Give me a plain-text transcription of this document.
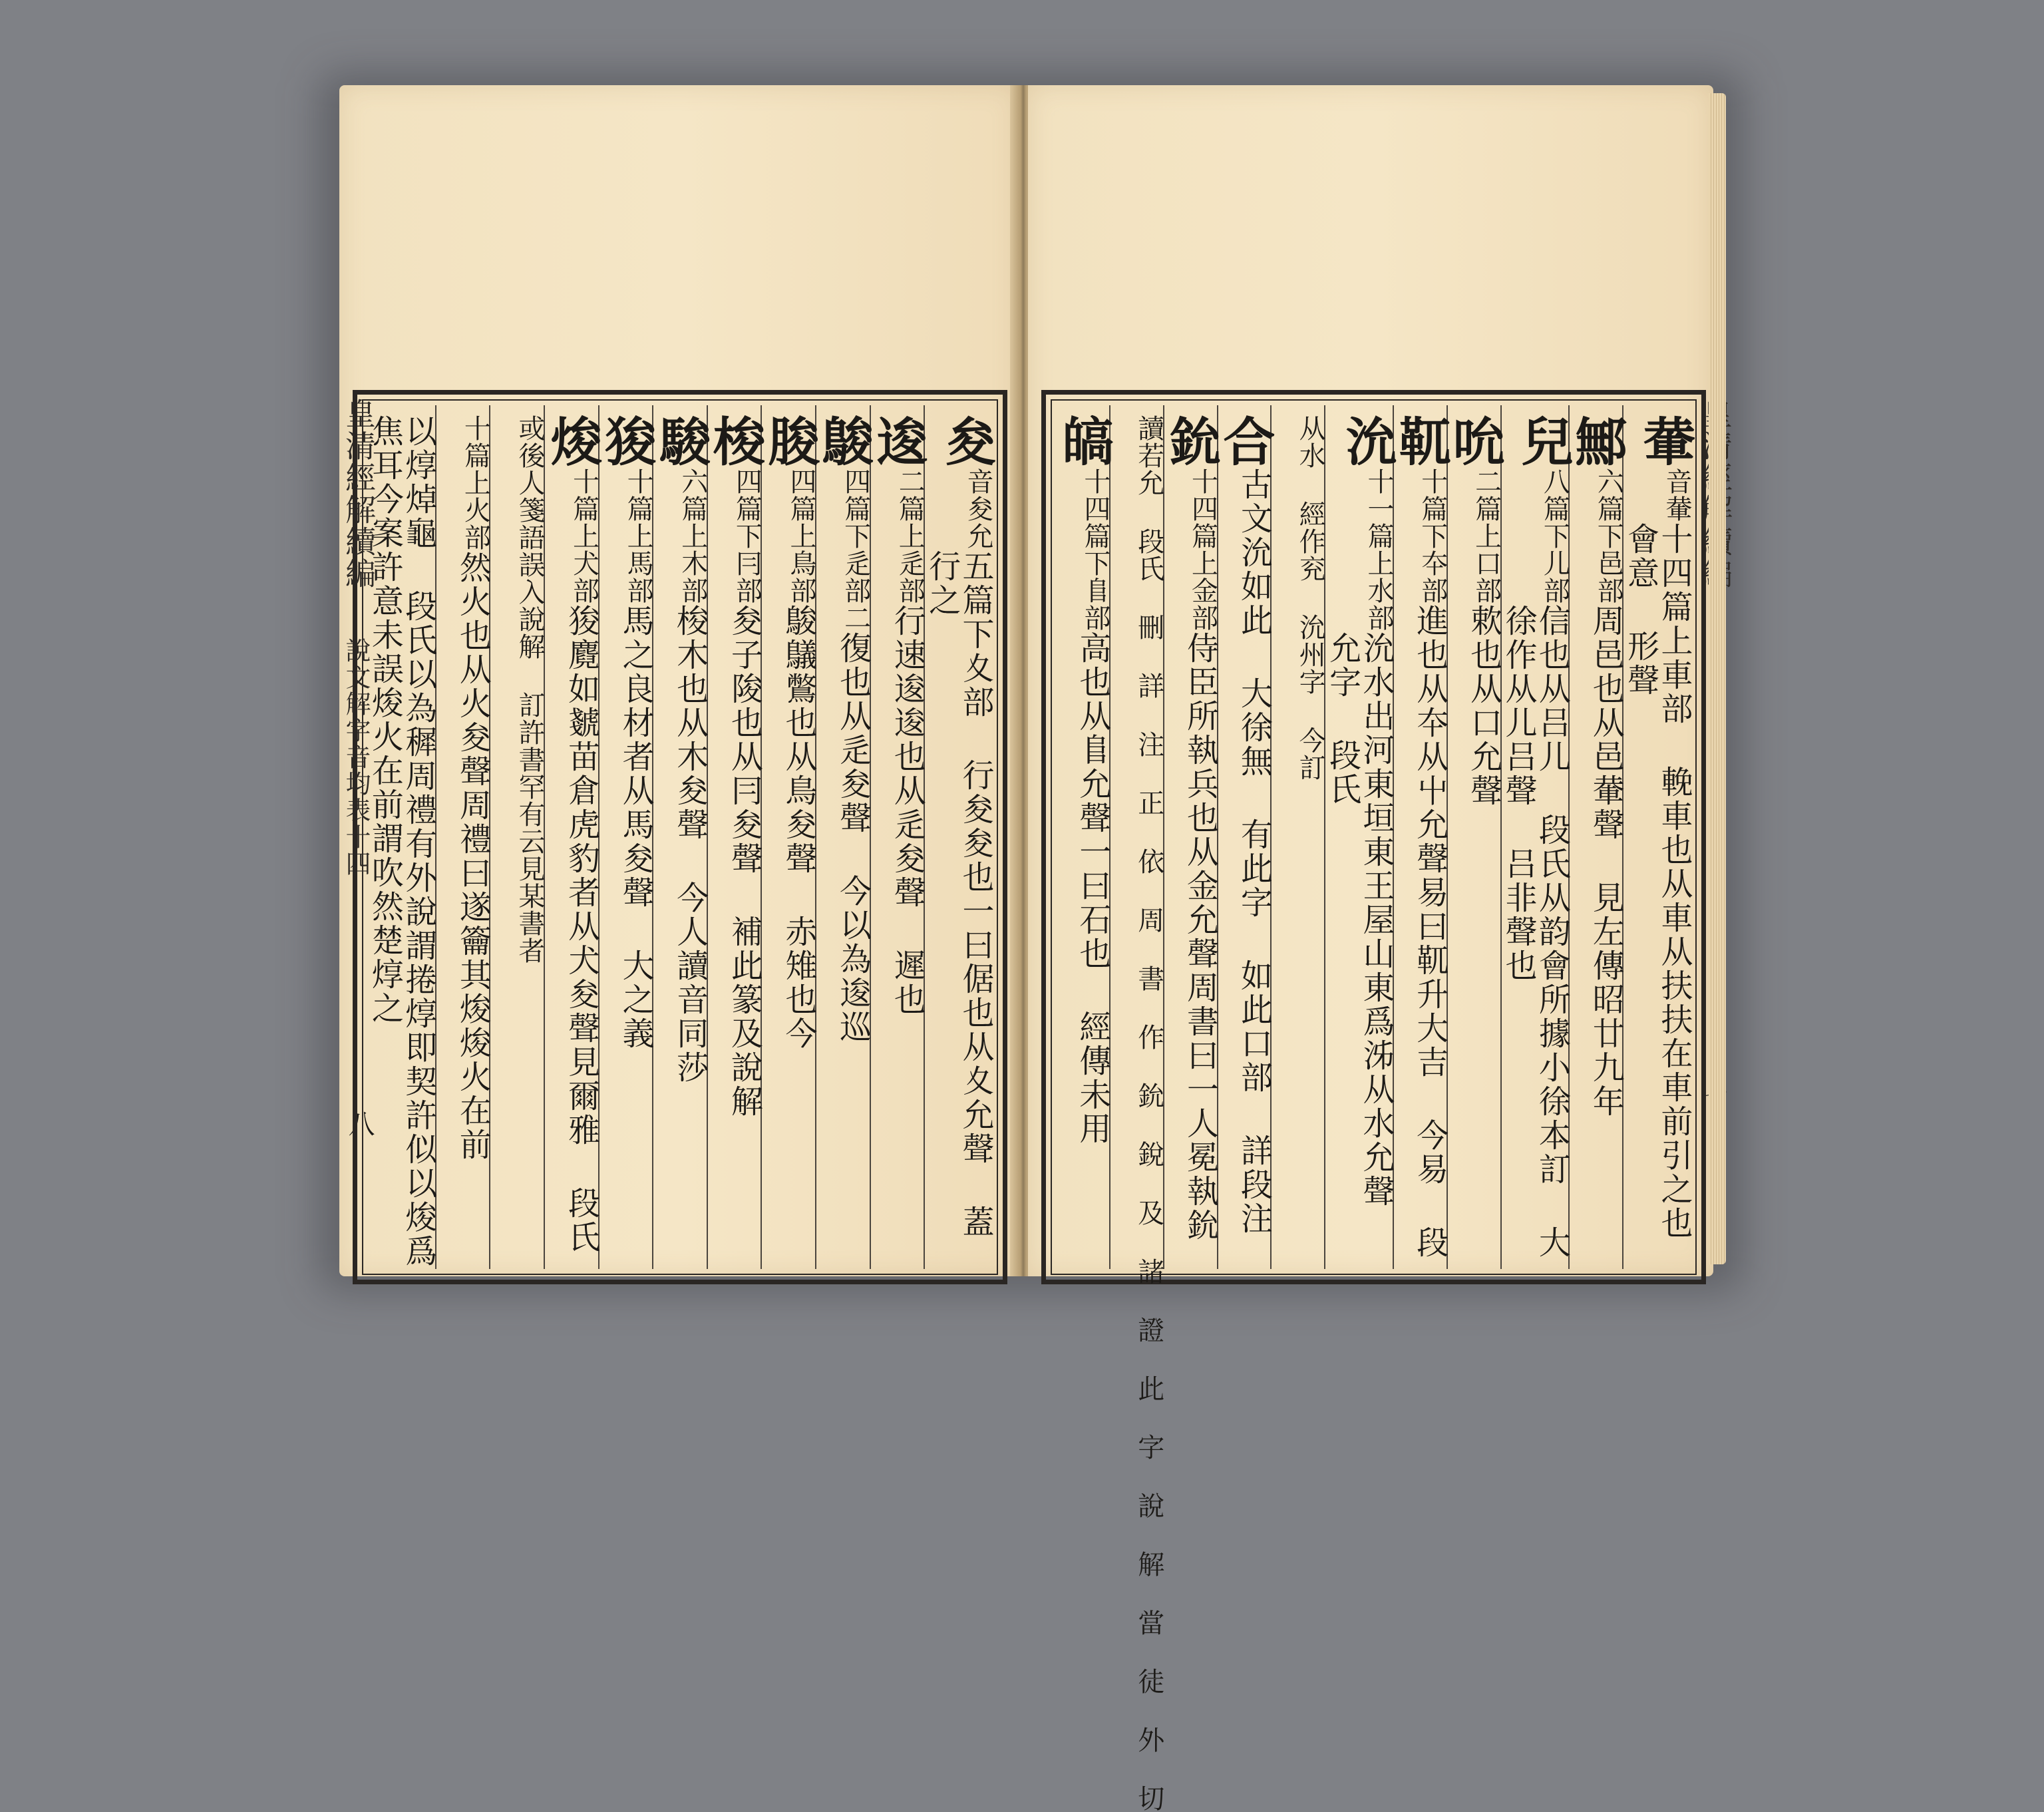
皇清經解續編
說文解字音均表十四
八
夋
音夋允
五篇下夊部 行夋夋也一曰倨也从夊允聲 蓋行之
逡
二篇上辵部
行速逡逡也从辵夋聲 遲也
鵔
四篇下辵部二
復也从辵夋聲 今以為逡巡
朘
四篇上鳥部
鵔鸃鷩也从鳥夋聲 赤雉也今
梭
四篇下冃部
夋子陖也从冃夋聲 補此篆及說解
駿
六篇上木部
梭木也从木夋聲 今人讀音同莎
狻
十篇上馬部
馬之良材者从馬夋聲 大之義
焌
十篇上犬部
狻麑如虦苗倉虎豹者从犬夋聲見爾雅 段氏
或後人箋語誤入說解 訂許書罕有云見某書者
十篇上火部
然火也从火夋聲周禮曰遂籥其焌焌火在前
以焞焯龜 段氏以為穉周禮有外說謂捲焞即契許似以焌爲焦耳今案許意未誤焌火在前謂吹然楚焞之	輂
音輂
十四篇上車部 輓車也从車从扶扶在車前引之也 會意 形聲
鄦
六篇下邑部
周邑也从邑輂聲 見左傳昭廿九年
兒
八篇下儿部
信也从吕儿 段氏从韵會所據小徐本訂 大徐作从儿吕聲 吕非聲也
吮
二篇上口部
欶也从口允聲
靰
十篇下夲部
進也从夲从屮允聲易曰靰升大吉 今易 段
沇
十一篇上水部
沇水出河東垣東王屋山東爲泲从水允聲 允字 段氏
从水 經作兖 沇州字 今訂
合
古文沇如此 大徐無 有此字 如此口部 詳段注
鈗
十四篇上金部
侍臣所執兵也从金允聲周書曰一人冕執鈗
讀若允 段氏 刪 詳 注 正 依 周 書 作 鈗 銳 及 諸 證 此 字 說 解 當 徒 外 切
皜
十四篇下𨸏部
高也从𨸏允聲一曰石也 經傳未用
